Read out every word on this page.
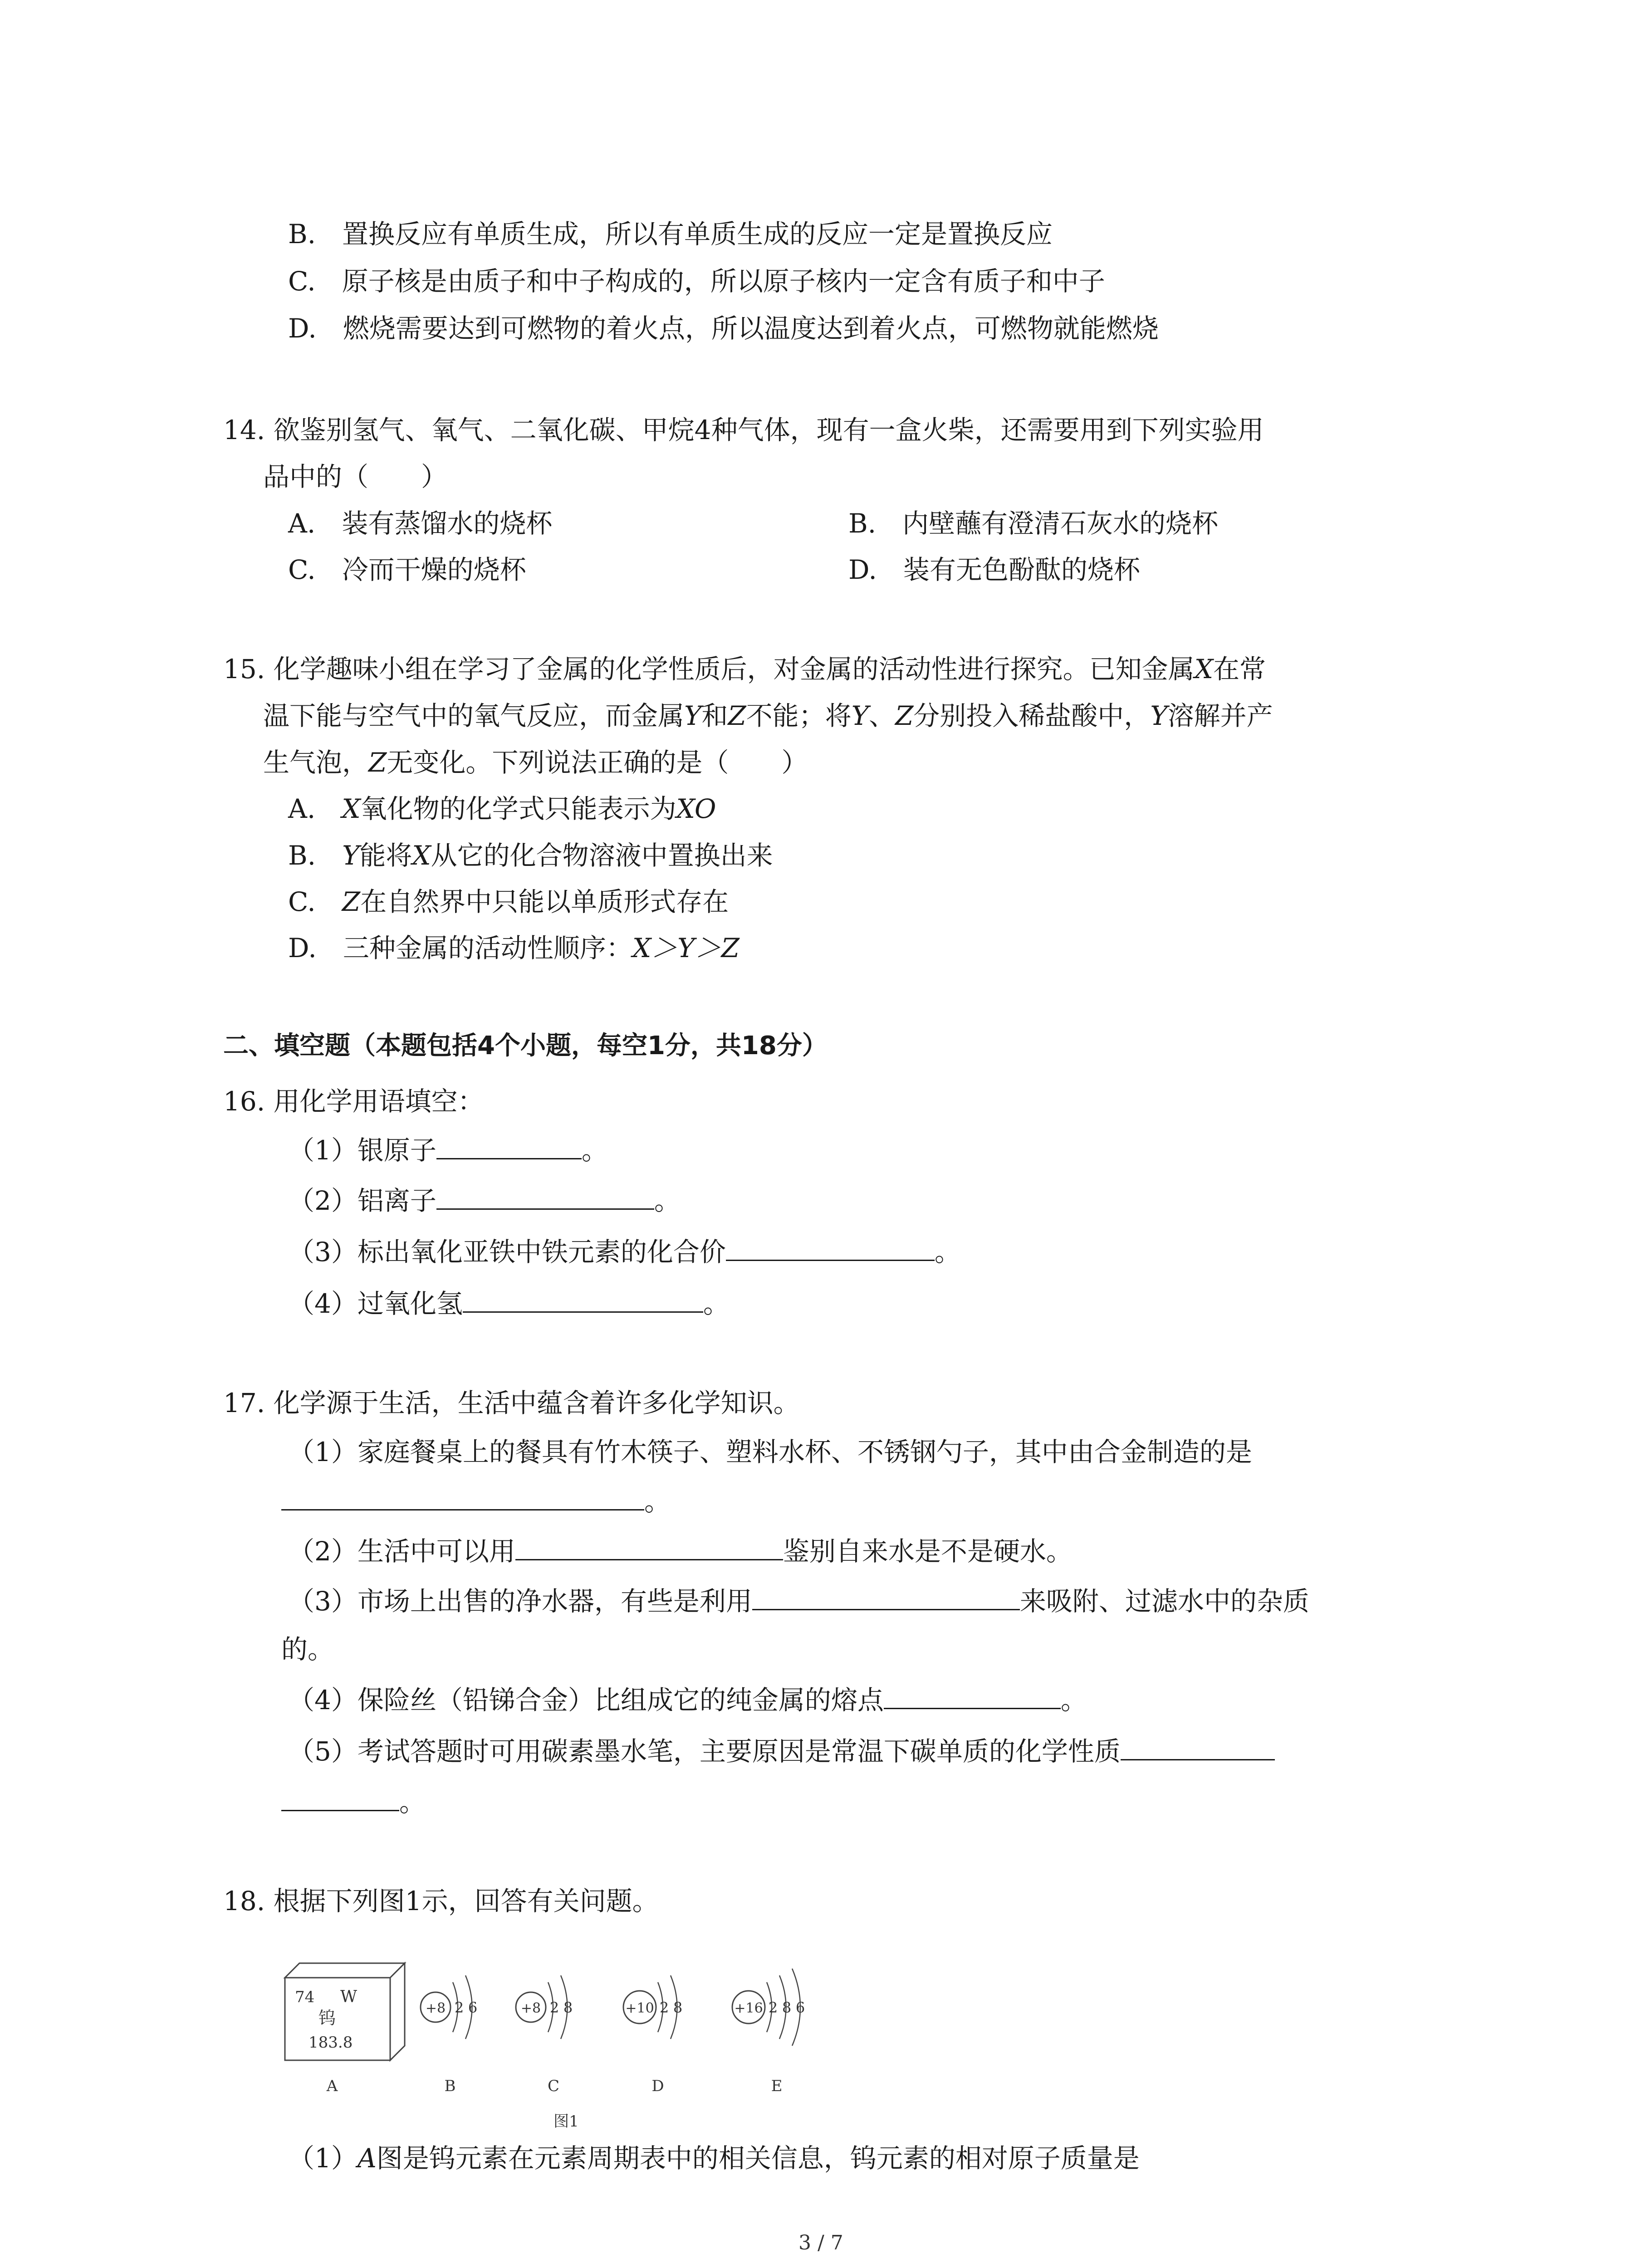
B.　置换反应有单质生成，所以有单质生成的反应一定是置换反应
C.　原子核是由质子和中子构成的，所以原子核内一定含有质子和中子
D.　燃烧需要达到可燃物的着火点，所以温度达到着火点，可燃物就能燃烧
14. 欲鉴别氢气、氧气、二氧化碳、甲烷4种气体，现有一盒火柴，还需要用到下列实验用
品中的（　　）
A.　装有蒸馏水的烧杯	B.　内壁蘸有澄清石灰水的烧杯
C.　冷而干燥的烧杯	D.　装有无色酚酞的烧杯
15. 化学趣味小组在学习了金属的化学性质后，对金属的活动性进行探究。已知金属X在常
温下能与空气中的氧气反应，而金属Y和Z不能；将Y、Z分别投入稀盐酸中，Y溶解并产
生气泡，Z无变化。下列说法正确的是（　　）
A.　X氧化物的化学式只能表示为XO
B.　Y能将X从它的化合物溶液中置换出来
C.　Z在自然界中只能以单质形式存在
D.　三种金属的活动性顺序：X＞Y＞Z
二、填空题（本题包括4个小题，每空1分，共18分）
16. 用化学用语填空：
（1）银原子	。
（2）铝离子	。
（3）标出氧化亚铁中铁元素的化合价	。
（4）过氧化氢	。
17. 化学源于生活，生活中蕴含着许多化学知识。
（1）家庭餐桌上的餐具有竹木筷子、塑料水杯、不锈钢勺子，其中由合金制造的是
。
（2）生活中可以用	鉴别自来水是不是硬水。
（3）市场上出售的净水器，有些是利用	来吸附、过滤水中的杂质
的。
（4）保险丝（铅锑合金）比组成它的纯金属的熔点	。
（5）考试答题时可用碳素墨水笔，主要原因是常温下碳单质的化学性质
。
18. 根据下列图1示，回答有关问题。
74 W
钨
183.8
+8 2 6	+8 2 8	+10 2 8	+16 2 8 6
A	B	C	D	E
图1
（1）A图是钨元素在元素周期表中的相关信息，钨元素的相对原子质量是
3 / 7
